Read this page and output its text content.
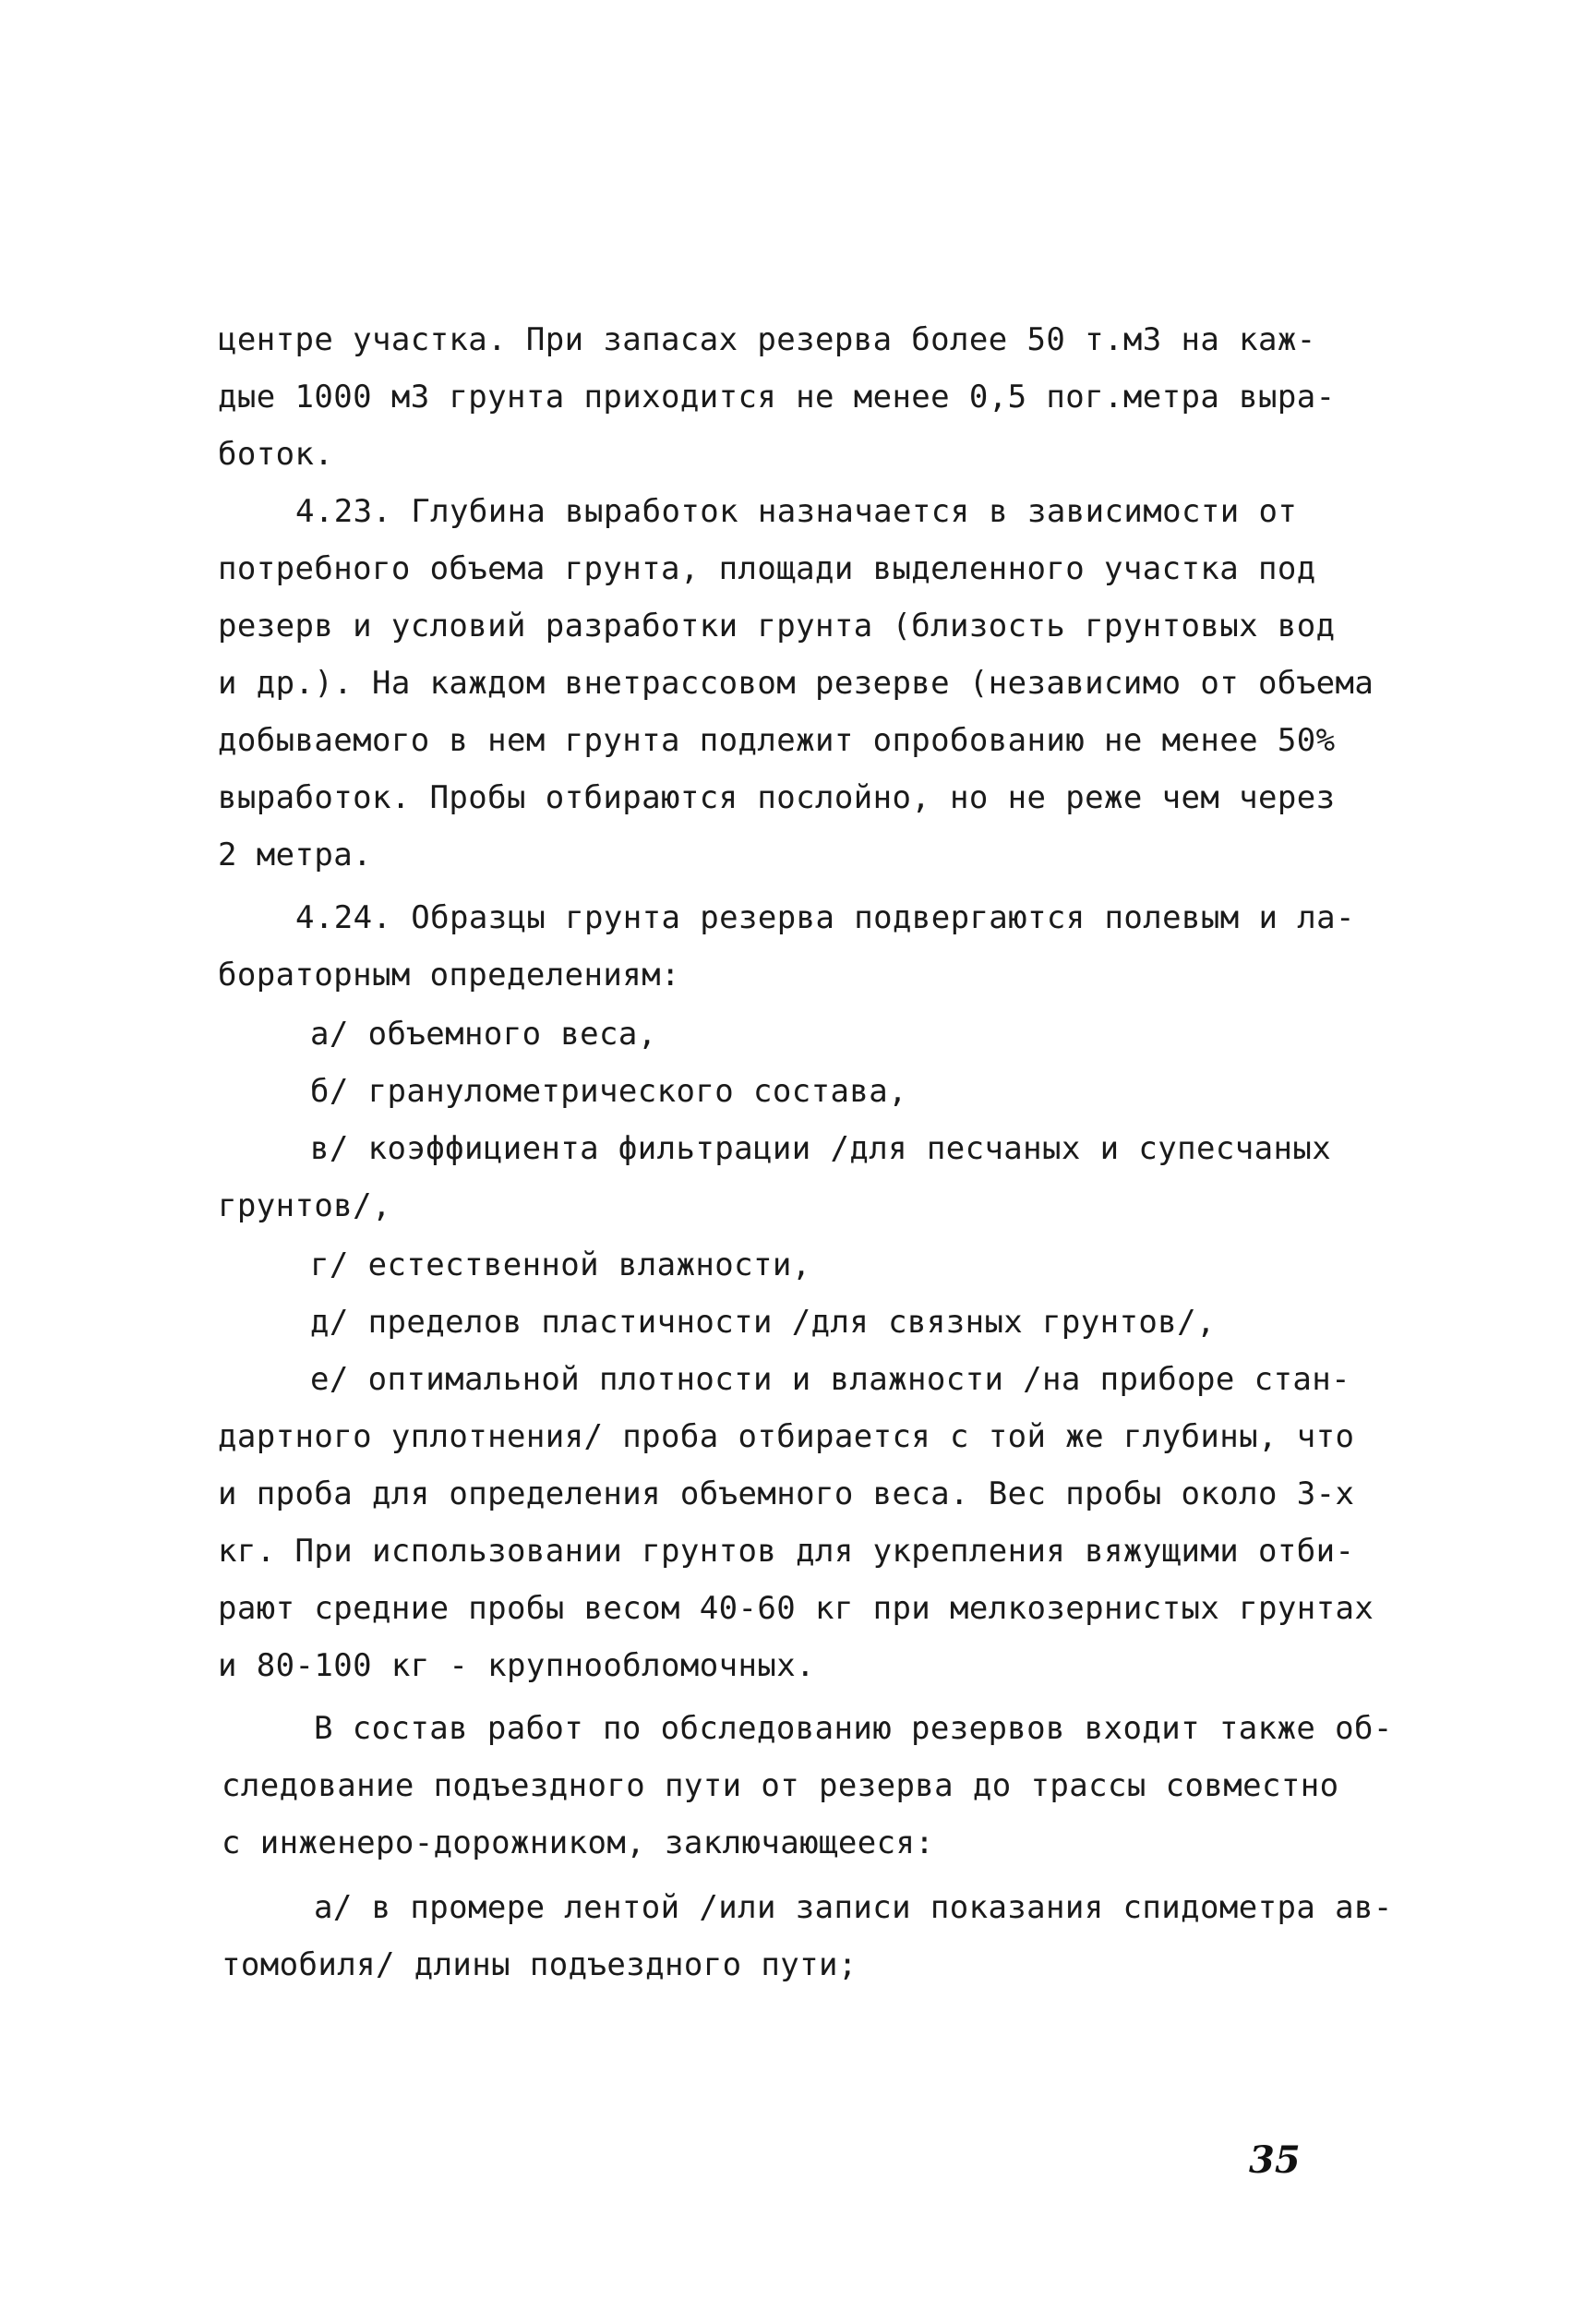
центре участка. При запасах резерва более 50 т.м3 на каж-
дые 1000 м3 грунта приходится не менее 0,5 пог.метра выра-
боток.
4.23. Глубина выработок назначается в зависимости от
потребного объема грунта, площади выделенного участка под
резерв и условий разработки грунта (близость грунтовых вод
и др.). На каждом внетрассовом резерве (независимо от объема
добываемого в нем грунта подлежит опробованию не менее 50%
выработок. Пробы отбираются послойно, но не реже чем через
2 метра.
4.24. Образцы грунта резерва подвергаются полевым и ла-
бораторным определениям:
а/ объемного веса,
б/ гранулометрического состава,
в/ коэффициента фильтрации /для песчаных и супесчаных
грунтов/,
г/ естественной влажности,
д/ пределов пластичности /для связных грунтов/,
е/ оптимальной плотности и влажности /на приборе стан-
дартного уплотнения/ проба отбирается с той же глубины, что
и проба для определения объемного веса. Вес пробы около 3-х
кг. При использовании грунтов для укрепления вяжущими отби-
рают средние пробы весом 40-60 кг при мелкозернистых грунтах
и 80-100 кг - крупнообломочных.
В состав работ по обследованию резервов входит также об-
следование подъездного пути от резерва до трассы совместно
с инженеро-дорожником, заключающееся:
а/ в промере лентой /или записи показания спидометра ав-
томобиля/ длины подъездного пути;
35
